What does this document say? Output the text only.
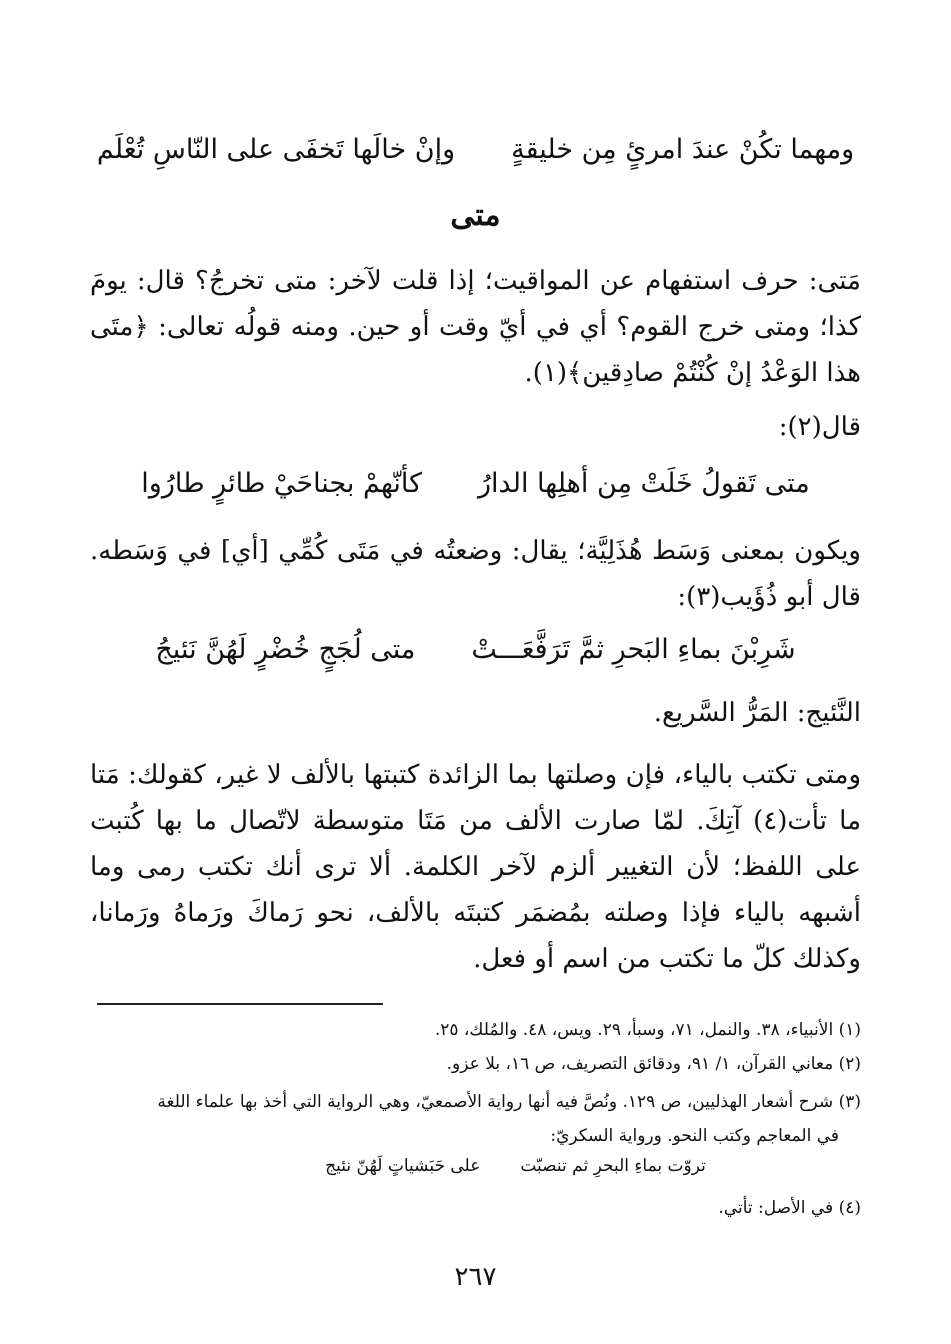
ومهما تكُنْ عندَ امرئٍ مِن خليقةٍ
وإنْ خالَها تَخفَى على النّاسِ تُعْلَم
متى

مَتى: حرف استفهام عن المواقيت؛ إذا قلت لآخر: متى تخرجُ؟ قال: يومَ كذا؛ ومتى خرج القوم؟ أي في أيّ وقت أو حين. ومنه قولُه تعالى: ﴿متَى هذا الوَعْدُ إنْ كُنْتُمْ صادِقين﴾(١).

قال(٢):

متى تَقولُ خَلَتْ مِن أهلِها الدارُ
كأنّهمْ بجناحَيْ طائرٍ طارُوا

ويكون بمعنى وَسَط هُذَلِيَّة؛ يقال: وضعتُه في مَتَى كُمِّي [أي] في وَسَطه. قال أبو ذُؤَيب(٣):

شَرِبْنَ بماءِ البَحرِ ثمَّ تَرَفَّعَـــتْ
متى لُجَجٍ خُضْرٍ لَهُنَّ نَئيجُ

النَّئيج: المَرُّ السَّريع.

ومتى تكتب بالياء، فإن وصلتها بما الزائدة كتبتها بالألف لا غير، كقولك: مَتا ما تأت(٤) آتِكَ. لمّا صارت الألف من مَتَا متوسطة لاتّصال ما بها كُتبت على اللفظ؛ لأن التغيير ألزم لآخر الكلمة. ألا ترى أنك تكتب رمى وما أشبهه بالياء فإذا وصلته بمُضمَر كتبتَه بالألف، نحو رَماكَ ورَماهُ ورَمانا، وكذلك كلّ ما تكتب من اسم أو فعل.

(١) الأنبياء، ٣٨. والنمل، ٧١، وسبأ، ٢٩. ويس، ٤٨. والمُلك، ٢٥.

(٢) معاني القرآن، ١/ ٩١، ودقائق التصريف، ص ١٦، بلا عزو.

(٣) شرح أشعار الهذليين، ص ١٢٩. ونُصَّ فيه أنها رواية الأصمعيّ، وهي الرواية التي أخذ بها علماء اللغة

في المعاجم وكتب النحو. ورواية السكريّ:

تروّت بماءِ البحرِ ثم تنصبّت
على حَبَشياتٍ لَهُنّ نئيج

(٤) في الأصل: تأتي.

٢٦٧
